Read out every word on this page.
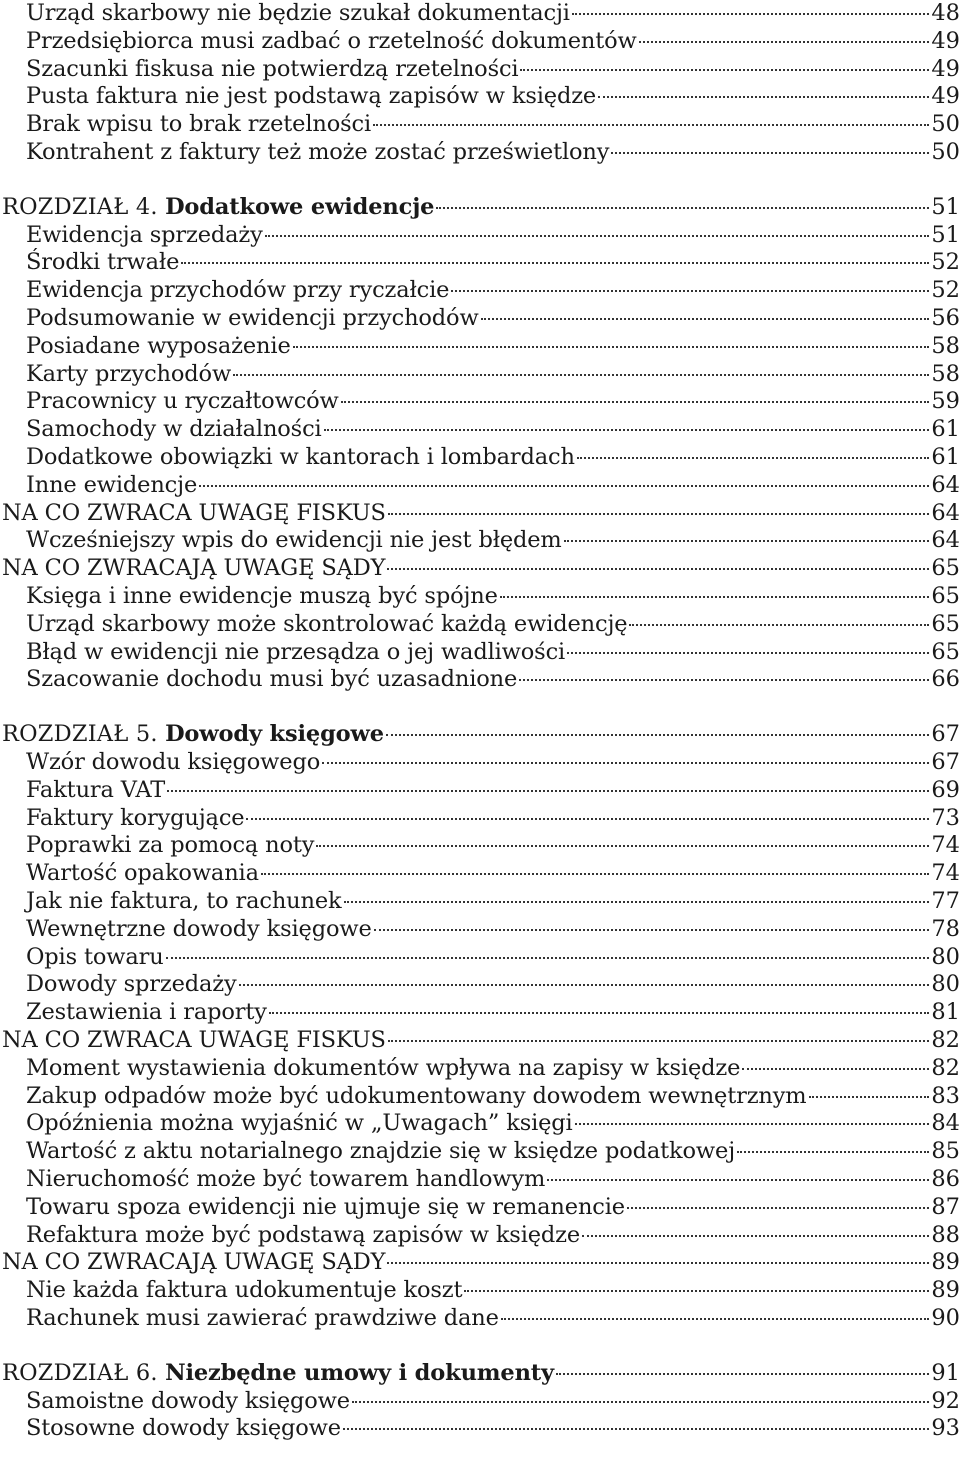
Urząd skarbowy nie będzie szukał dokumentacji	48
Przedsiębiorca musi zadbać o rzetelność dokumentów	49
Szacunki fiskusa nie potwierdzą rzetelności	49
Pusta faktura nie jest podstawą zapisów w księdze	49
Brak wpisu to brak rzetelności	50
Kontrahent z faktury też może zostać prześwietlony	50
ROZDZIAŁ 4. Dodatkowe ewidencje	51
Ewidencja sprzedaży	51
Środki trwałe	52
Ewidencja przychodów przy ryczałcie	52
Podsumowanie w ewidencji przychodów	56
Posiadane wyposażenie	58
Karty przychodów	58
Pracownicy u ryczałtowców	59
Samochody w działalności	61
Dodatkowe obowiązki w kantorach i lombardach	61
Inne ewidencje	64
NA CO ZWRACA UWAGĘ FISKUS	64
Wcześniejszy wpis do ewidencji nie jest błędem	64
NA CO ZWRACAJĄ UWAGĘ SĄDY	65
Księga i inne ewidencje muszą być spójne	65
Urząd skarbowy może skontrolować każdą ewidencję	65
Błąd w ewidencji nie przesądza o jej wadliwości	65
Szacowanie dochodu musi być uzasadnione	66
ROZDZIAŁ 5. Dowody księgowe	67
Wzór dowodu księgowego	67
Faktura VAT	69
Faktury korygujące	73
Poprawki za pomocą noty	74
Wartość opakowania	74
Jak nie faktura, to rachunek	77
Wewnętrzne dowody księgowe	78
Opis towaru	80
Dowody sprzedaży	80
Zestawienia i raporty	81
NA CO ZWRACA UWAGĘ FISKUS	82
Moment wystawienia dokumentów wpływa na zapisy w księdze	82
Zakup odpadów może być udokumentowany dowodem wewnętrznym	83
Opóźnienia można wyjaśnić w „Uwagach” księgi	84
Wartość z aktu notarialnego znajdzie się w księdze podatkowej	85
Nieruchomość może być towarem handlowym	86
Towaru spoza ewidencji nie ujmuje się w remanencie	87
Refaktura może być podstawą zapisów w księdze	88
NA CO ZWRACAJĄ UWAGĘ SĄDY	89
Nie każda faktura udokumentuje koszt	89
Rachunek musi zawierać prawdziwe dane	90
ROZDZIAŁ 6. Niezbędne umowy i dokumenty	91
Samoistne dowody księgowe	92
Stosowne dowody księgowe	93
